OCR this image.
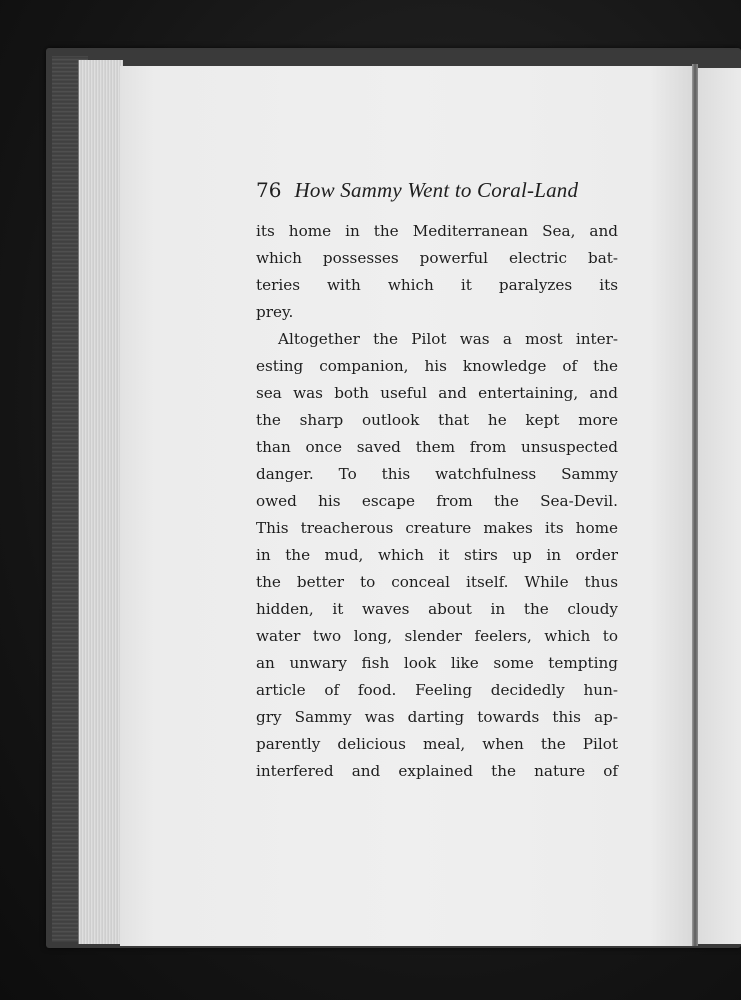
76 How Sammy Went to Coral-Land
its home in the Mediterranean Sea, and
which possesses powerful electric bat-
teries with which it paralyzes its
prey.
Altogether the Pilot was a most inter-
esting companion, his knowledge of the
sea was both useful and entertaining, and
the sharp outlook that he kept more
than once saved them from unsuspected
danger. To this watchfulness Sammy
owed his escape from the Sea-Devil.
This treacherous creature makes its home
in the mud, which it stirs up in order
the better to conceal itself. While thus
hidden, it waves about in the cloudy
water two long, slender feelers, which to
an unwary fish look like some tempting
article of food. Feeling decidedly hun-
gry Sammy was darting towards this ap-
parently delicious meal, when the Pilot
interfered and explained the nature of
